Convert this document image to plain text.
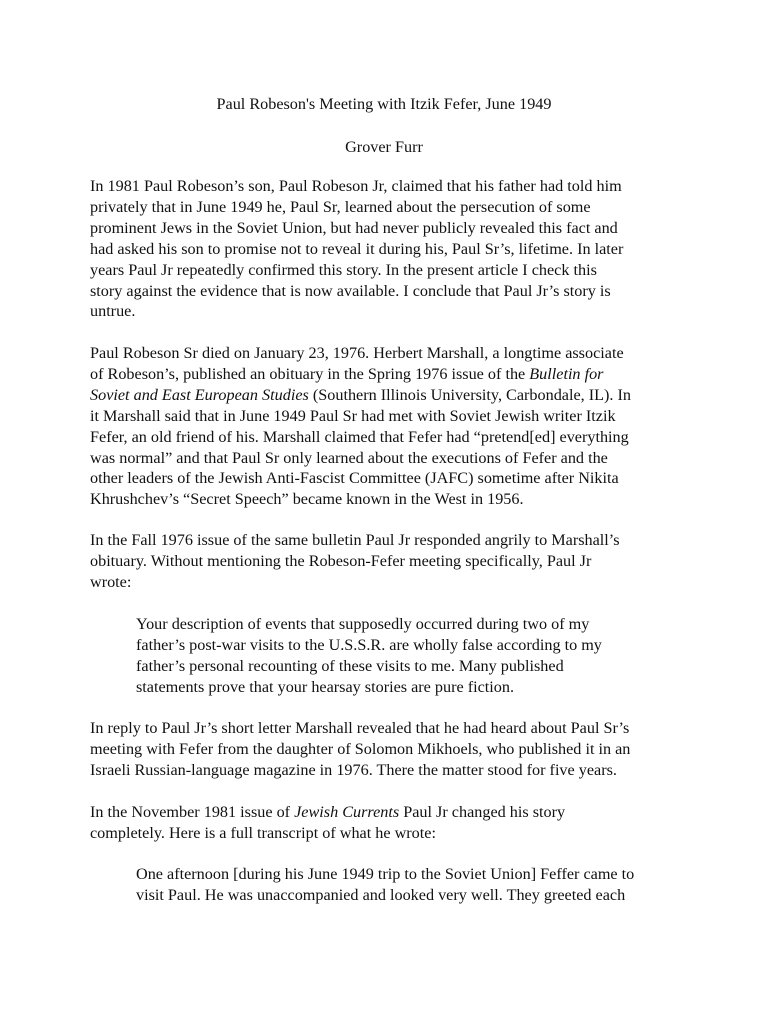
Paul Robeson's Meeting with Itzik Fefer, June 1949

Grover Furr

In 1981 Paul Robeson’s son, Paul Robeson Jr, claimed that his father had told him
privately that in June 1949 he, Paul Sr, learned about the persecution of some
prominent Jews in the Soviet Union, but had never publicly revealed this fact and
had asked his son to promise not to reveal it during his, Paul Sr’s, lifetime. In later
years Paul Jr repeatedly confirmed this story. In the present article I check this
story against the evidence that is now available. I conclude that Paul Jr’s story is
untrue.

Paul Robeson Sr died on January 23, 1976. Herbert Marshall, a longtime associate
of Robeson’s, published an obituary in the Spring 1976 issue of the Bulletin for
Soviet and East European Studies (Southern Illinois University, Carbondale, IL). In
it Marshall said that in June 1949 Paul Sr had met with Soviet Jewish writer Itzik
Fefer, an old friend of his. Marshall claimed that Fefer had “pretend[ed] everything
was normal” and that Paul Sr only learned about the executions of Fefer and the
other leaders of the Jewish Anti-Fascist Committee (JAFC) sometime after Nikita
Khrushchev’s “Secret Speech” became known in the West in 1956.

In the Fall 1976 issue of the same bulletin Paul Jr responded angrily to Marshall’s
obituary. Without mentioning the Robeson-Fefer meeting specifically, Paul Jr
wrote:

Your description of events that supposedly occurred during two of my
father’s post-war visits to the U.S.S.R. are wholly false according to my
father’s personal recounting of these visits to me. Many published
statements prove that your hearsay stories are pure fiction.

In reply to Paul Jr’s short letter Marshall revealed that he had heard about Paul Sr’s
meeting with Fefer from the daughter of Solomon Mikhoels, who published it in an
Israeli Russian-language magazine in 1976. There the matter stood for five years.

In the November 1981 issue of Jewish Currents Paul Jr changed his story
completely. Here is a full transcript of what he wrote:

One afternoon [during his June 1949 trip to the Soviet Union] Feffer came to
visit Paul. He was unaccompanied and looked very well. They greeted each
